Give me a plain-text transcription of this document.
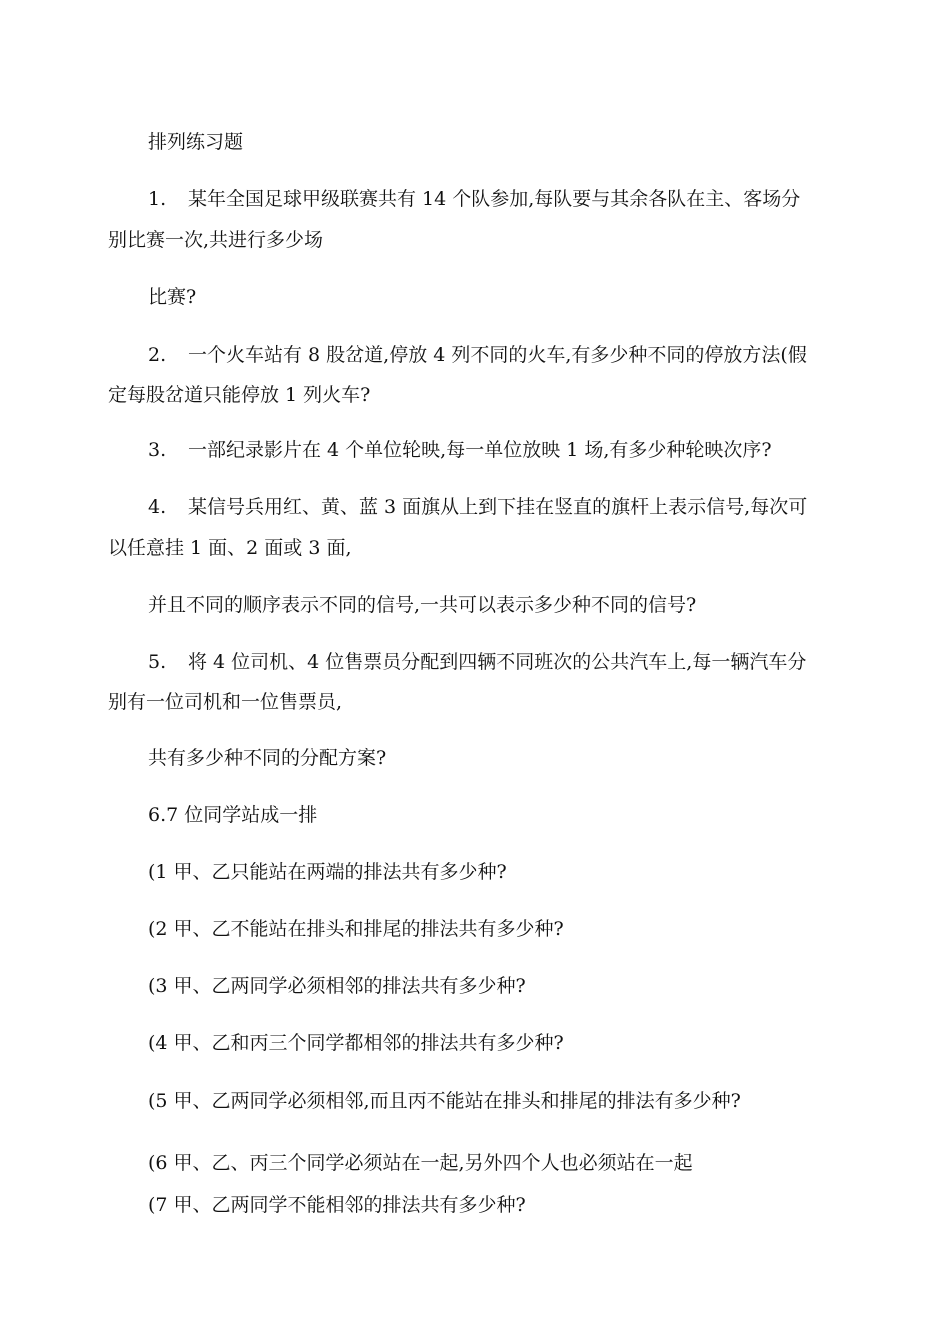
排列练习题
1. 某年全国足球甲级联赛共有 14 个队参加,每队要与其余各队在主、客场分
别比赛一次,共进行多少场
比赛?
2. 一个火车站有 8 股岔道,停放 4 列不同的火车,有多少种不同的停放方法(假
定每股岔道只能停放 1 列火车?
3. 一部纪录影片在 4 个单位轮映,每一单位放映 1 场,有多少种轮映次序?
4. 某信号兵用红、黄、蓝 3 面旗从上到下挂在竖直的旗杆上表示信号,每次可
以任意挂 1 面、2 面或 3 面,
并且不同的顺序表示不同的信号,一共可以表示多少种不同的信号?
5. 将 4 位司机、4 位售票员分配到四辆不同班次的公共汽车上,每一辆汽车分
别有一位司机和一位售票员,
共有多少种不同的分配方案?
6.7 位同学站成一排
(1 甲、乙只能站在两端的排法共有多少种?
(2 甲、乙不能站在排头和排尾的排法共有多少种?
(3 甲、乙两同学必须相邻的排法共有多少种?
(4 甲、乙和丙三个同学都相邻的排法共有多少种?
(5 甲、乙两同学必须相邻,而且丙不能站在排头和排尾的排法有多少种?
(6 甲、乙、丙三个同学必须站在一起,另外四个人也必须站在一起
(7 甲、乙两同学不能相邻的排法共有多少种?
